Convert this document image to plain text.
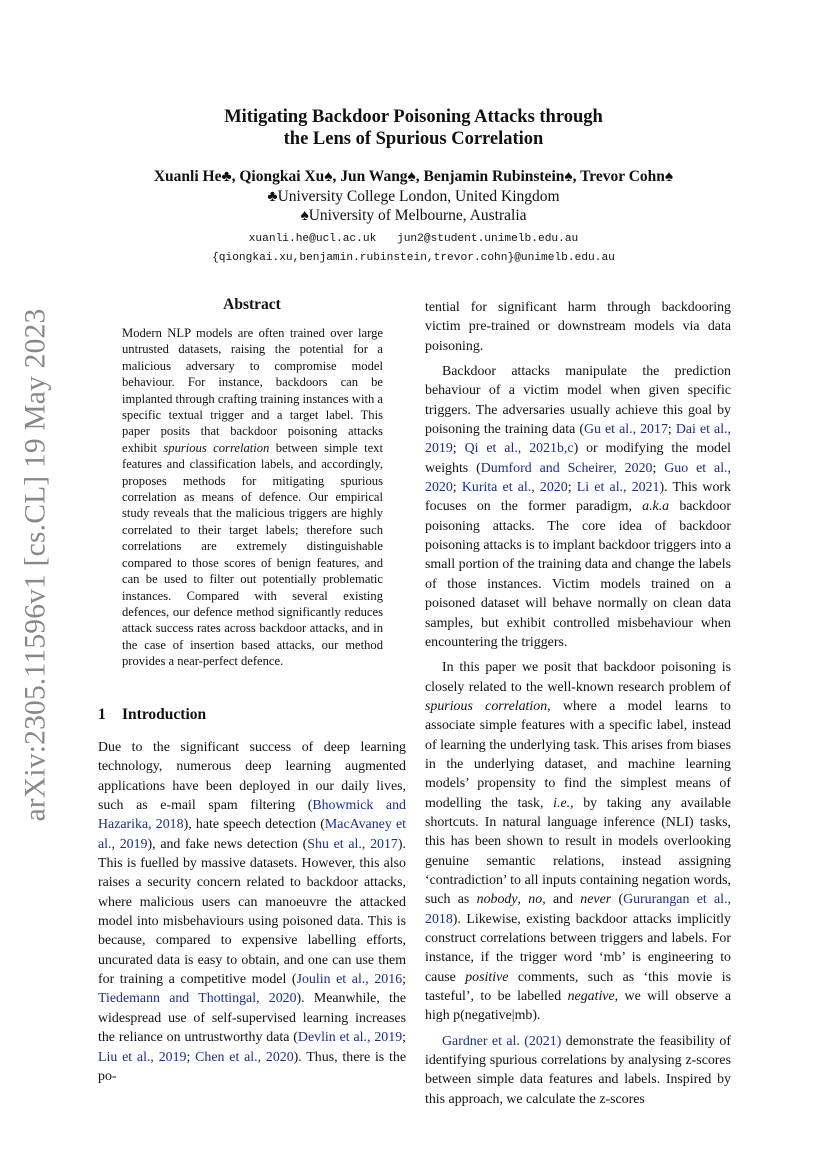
arXiv:2305.11596v1 [cs.CL] 19 May 2023
Mitigating Backdoor Poisoning Attacks through
the Lens of Spurious Correlation
Xuanli He♣, Qiongkai Xu♠, Jun Wang♠, Benjamin Rubinstein♠, Trevor Cohn♠
♣University College London, United Kingdom
♠University of Melbourne, Australia
xuanli.he@ucl.ac.uk jun2@student.unimelb.edu.au
{qiongkai.xu,benjamin.rubinstein,trevor.cohn}@unimelb.edu.au
Abstract

Modern NLP models are often trained over large untrusted datasets, raising the potential for a malicious adversary to compromise model behaviour. For instance, backdoors can be implanted through crafting training instances with a specific textual trigger and a target label. This paper posits that backdoor poisoning attacks exhibit spurious correlation between simple text features and classification labels, and accordingly, proposes methods for mitigating spurious correlation as means of defence. Our empirical study reveals that the malicious triggers are highly correlated to their target labels; therefore such correlations are extremely distinguishable compared to those scores of benign features, and can be used to filter out potentially problematic instances. Compared with several existing defences, our defence method significantly reduces attack success rates across backdoor attacks, and in the case of insertion based attacks, our method provides a near-perfect defence.

1 Introduction

Due to the significant success of deep learning technology, numerous deep learning augmented applications have been deployed in our daily lives, such as e-mail spam filtering (Bhowmick and Hazarika, 2018), hate speech detection (MacAvaney et al., 2019), and fake news detection (Shu et al., 2017). This is fuelled by massive datasets. However, this also raises a security concern related to backdoor attacks, where malicious users can manoeuvre the attacked model into misbehaviours using poisoned data. This is because, compared to expensive labelling efforts, uncurated data is easy to obtain, and one can use them for training a competitive model (Joulin et al., 2016; Tiedemann and Thottingal, 2020). Meanwhile, the widespread use of self-supervised learning increases the reliance on untrustworthy data (Devlin et al., 2019; Liu et al., 2019; Chen et al., 2020). Thus, there is the po-

tential for significant harm through backdooring victim pre-trained or downstream models via data poisoning.

Backdoor attacks manipulate the prediction behaviour of a victim model when given specific triggers. The adversaries usually achieve this goal by poisoning the training data (Gu et al., 2017; Dai et al., 2019; Qi et al., 2021b,c) or modifying the model weights (Dumford and Scheirer, 2020; Guo et al., 2020; Kurita et al., 2020; Li et al., 2021). This work focuses on the former paradigm, a.k.a backdoor poisoning attacks. The core idea of backdoor poisoning attacks is to implant backdoor triggers into a small portion of the training data and change the labels of those instances. Victim models trained on a poisoned dataset will behave normally on clean data samples, but exhibit controlled misbehaviour when encountering the triggers.

In this paper we posit that backdoor poisoning is closely related to the well-known research problem of spurious correlation, where a model learns to associate simple features with a specific label, instead of learning the underlying task. This arises from biases in the underlying dataset, and machine learning models’ propensity to find the simplest means of modelling the task, i.e., by taking any available shortcuts. In natural language inference (NLI) tasks, this has been shown to result in models overlooking genuine semantic relations, instead assigning ‘contradiction’ to all inputs containing negation words, such as nobody, no, and never (Gururangan et al., 2018). Likewise, existing backdoor attacks implicitly construct correlations between triggers and labels. For instance, if the trigger word ‘mb’ is engineering to cause positive comments, such as ‘this movie is tasteful’, to be labelled negative, we will observe a high p(negative|mb).

Gardner et al. (2021) demonstrate the feasibility of identifying spurious correlations by analysing z-scores between simple data features and labels. Inspired by this approach, we calculate the z-scores
